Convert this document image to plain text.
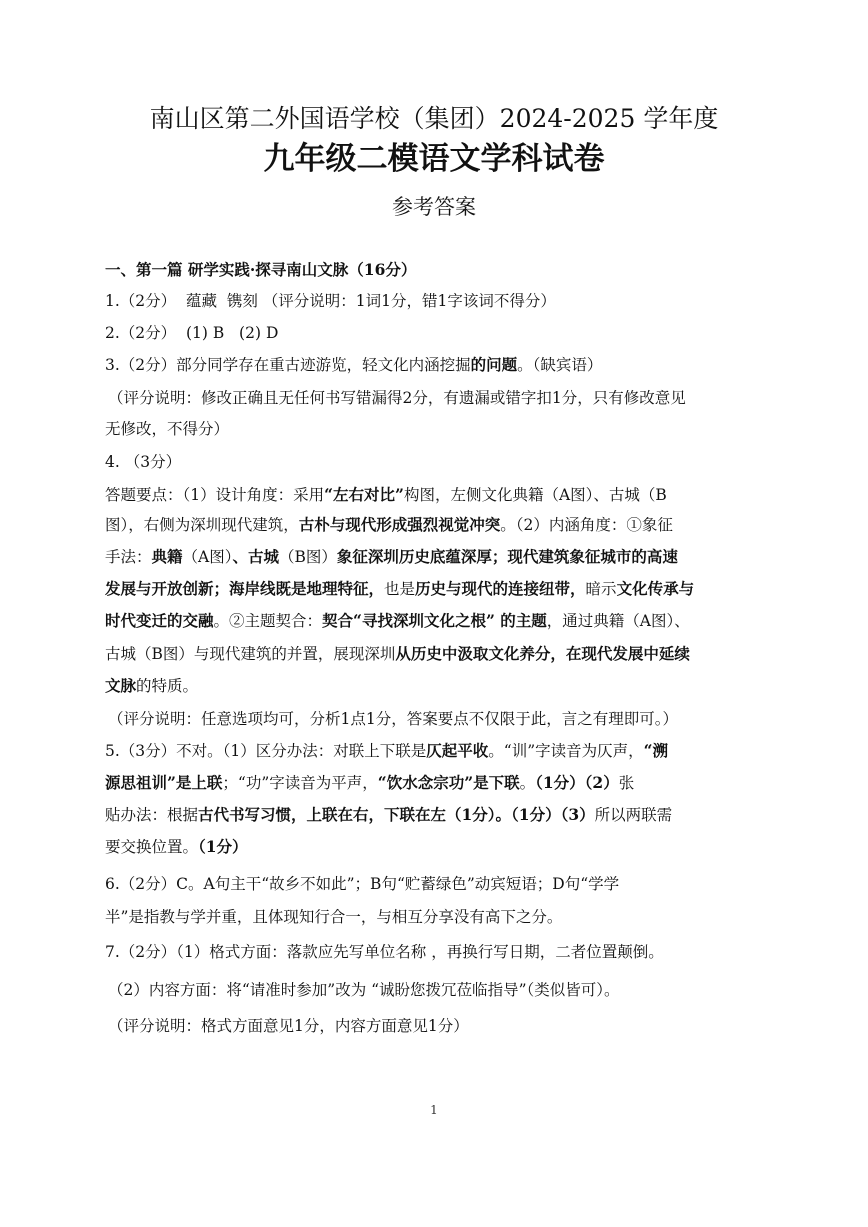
南山区第二外国语学校（集团）2024-2025 学年度
九年级二模语文学科试卷
参考答案
一、第一篇 研学实践·探寻南山文脉（16分）
1.（2分）  蕴藏  镌刻 （评分说明：1词1分，错1字该词不得分）
2.（2分）  (1) B   (2) D
3.（2分）部分同学存在重古迹游览，轻文化内涵挖掘的问题。（缺宾语）
（评分说明：修改正确且无任何书写错漏得2分，有遗漏或错字扣1分，只有修改意见
无修改，不得分）
4. （3分）
答题要点：（1）设计角度：采用“左右对比”构图，左侧文化典籍（A图）、古城（B
图），右侧为深圳现代建筑，古朴与现代形成强烈视觉冲突。（2）内涵角度：①象征
手法：典籍（A图）、古城（B图）象征深圳历史底蕴深厚；现代建筑象征城市的高速
发展与开放创新；海岸线既是地理特征，也是历史与现代的连接纽带，暗示文化传承与
时代变迁的交融。②主题契合：契合“寻找深圳文化之根” 的主题，通过典籍（A图）、
古城（B图）与现代建筑的并置，展现深圳从历史中汲取文化养分，在现代发展中延续
文脉的特质。
（评分说明：任意选项均可，分析1点1分，答案要点不仅限于此，言之有理即可。）
5.（3分）不对。（1）区分办法：对联上下联是仄起平收。“训”字读音为仄声，“溯
源思祖训”是上联；“功”字读音为平声，“饮水念宗功”是下联。（1分）（2）张
贴办法：根据古代书写习惯，上联在右，下联在左（1分）。（1分）（3）所以两联需
要交换位置。（1分）
6.（2分）C。A句主干“故乡不如此”；B句“贮蓄绿色”动宾短语；D句“学学
半”是指教与学并重，且体现知行合一，与相互分享没有高下之分。
7.（2分）（1）格式方面：落款应先写单位名称 ，再换行写日期，二者位置颠倒。
（2）内容方面：将“请准时参加”改为 “诚盼您拨冗莅临指导”（类似皆可）。
（评分说明：格式方面意见1分，内容方面意见1分）
1
